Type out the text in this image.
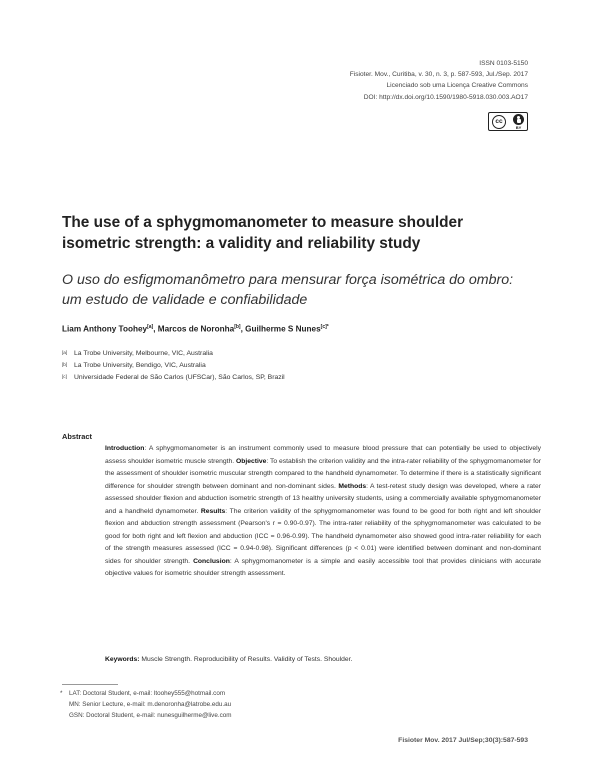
ISSN 0103-5150
Fisioter. Mov., Curitiba, v. 30, n. 3, p. 587-593, Jul./Sep. 2017
Licenciado sob uma Licença Creative Commons
DOI: http://dx.doi.org/10.1590/1980-5918.030.003.AO17
cc
BY
The use of a sphygmomanometer to measure shoulder isometric strength: a validity and reliability study
O uso do esfigmomanômetro para mensurar força isométrica do ombro: um estudo de validade e confiabilidade
Liam Anthony Toohey[a], Marcos de Noronha[b], Guilherme S Nunes$^{[c]*}$
[a]	La Trobe University, Melbourne, VIC, Australia
[b]	La Trobe University, Bendigo, VIC, Australia
[c]	Universidade Federal de São Carlos (UFSCar), São Carlos, SP, Brazil
Abstract

Introduction: A sphygmomanometer is an instrument commonly used to measure blood pressure that can potentially be used to objectively assess shoulder isometric muscle strength. Objective: To establish the criterion validity and the intra-rater reliability of the sphygmomanometer for the assessment of shoulder isometric muscular strength compared to the handheld dynamometer. To determine if there is a statistically significant difference for shoulder strength between dominant and non-dominant sides. Methods: A test-retest study design was developed, where a rater assessed shoulder flexion and abduction isometric strength of 13 healthy university students, using a commercially available sphygmomanometer and a handheld dynamometer. Results: The criterion validity of the sphygmomanometer was found to be good for both right and left shoulder flexion and abduction strength assessment (Pearson's r = 0.90-0.97). The intra-rater reliability of the sphygmomanometer was calculated to be good for both right and left flexion and abduction (ICC = 0.96-0.99). The handheld dynamometer also showed good intra-rater reliability for each of the strength measures assessed (ICC = 0.94-0.98). Significant differences (p < 0.01) were identified between dominant and non-dominant sides for shoulder strength. Conclusion: A sphygmomanometer is a simple and easily accessible tool that provides clinicians with accurate objective values for isometric shoulder strength assessment.

Keywords: Muscle Strength. Reproducibility of Results. Validity of Tests. Shoulder.
* LAT: Doctoral Student, e-mail: ltoohey555@hotmail.com
MN: Senior Lecture, e-mail: m.denoronha@latrobe.edu.au
GSN: Doctoral Student, e-mail: nunesguilherme@live.com
Fisioter Mov. 2017 Jul/Sep;30(3):587-593
